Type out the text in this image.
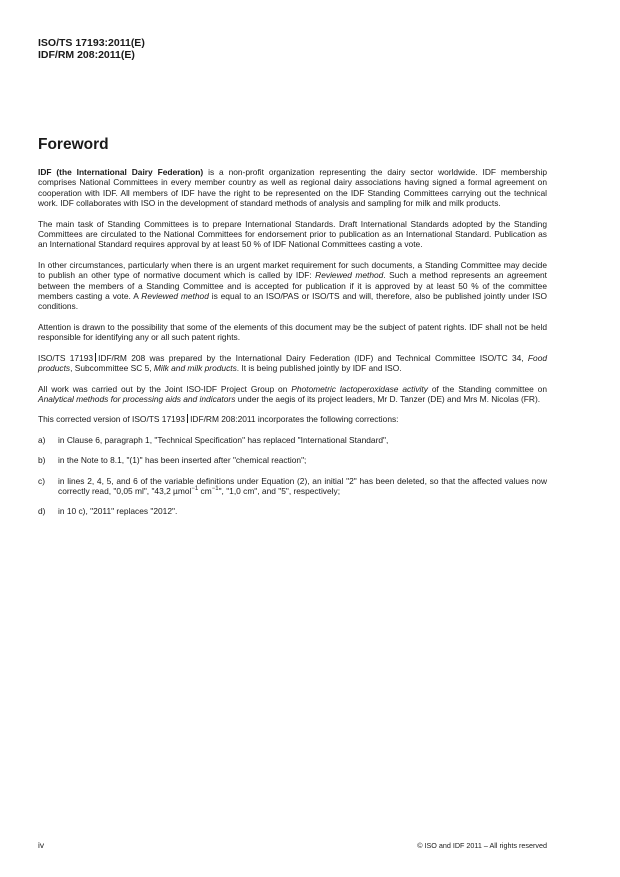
ISO/TS 17193:2011(E)
IDF/RM 208:2011(E)
Foreword

IDF (the International Dairy Federation) is a non-profit organization representing the dairy sector worldwide. IDF membership comprises National Committees in every member country as well as regional dairy associations having signed a formal agreement on cooperation with IDF. All members of IDF have the right to be represented on the IDF Standing Committees carrying out the technical work. IDF collaborates with ISO in the development of standard methods of analysis and sampling for milk and milk products.

The main task of Standing Committees is to prepare International Standards. Draft International Standards adopted by the Standing Committees are circulated to the National Committees for endorsement prior to publication as an International Standard. Publication as an International Standard requires approval by at least 50 % of IDF National Committees casting a vote.

In other circumstances, particularly when there is an urgent market requirement for such documents, a Standing Committee may decide to publish an other type of normative document which is called by IDF: Reviewed method. Such a method represents an agreement between the members of a Standing Committee and is accepted for publication if it is approved by at least 50 % of the committee members casting a vote. A Reviewed method is equal to an ISO/PAS or ISO/TS and will, therefore, also be published jointly under ISO conditions.

Attention is drawn to the possibility that some of the elements of this document may be the subject of patent rights. IDF shall not be held responsible for identifying any or all such patent rights.

ISO/TS 17193 IDF/RM 208 was prepared by the International Dairy Federation (IDF) and Technical Committee ISO/TC 34, Food products, Subcommittee SC 5, Milk and milk products. It is being published jointly by IDF and ISO.

All work was carried out by the Joint ISO-IDF Project Group on Photometric lactoperoxidase activity of the Standing committee on Analytical methods for processing aids and indicators under the aegis of its project leaders, Mr D. Tanzer (DE) and Mrs M. Nicolas (FR).

This corrected version of ISO/TS 17193 IDF/RM 208:2011 incorporates the following corrections:

a)	in Clause 6, paragraph 1, "Technical Specification" has replaced "International Standard",
b)	in the Note to 8.1, "(1)" has been inserted after "chemical reaction";
c)	in lines 2, 4, 5, and 6 of the variable definitions under Equation (2), an initial "2" has been deleted, so that the affected values now correctly read, "0,05 ml", "43,2 µmol$^{-1}$ $cm^{-1}$", "1,0 cm", and "5", respectively;
d)	in 10 c), "2011" replaces "2012".
iv	© ISO and IDF 2011 – All rights reserved
